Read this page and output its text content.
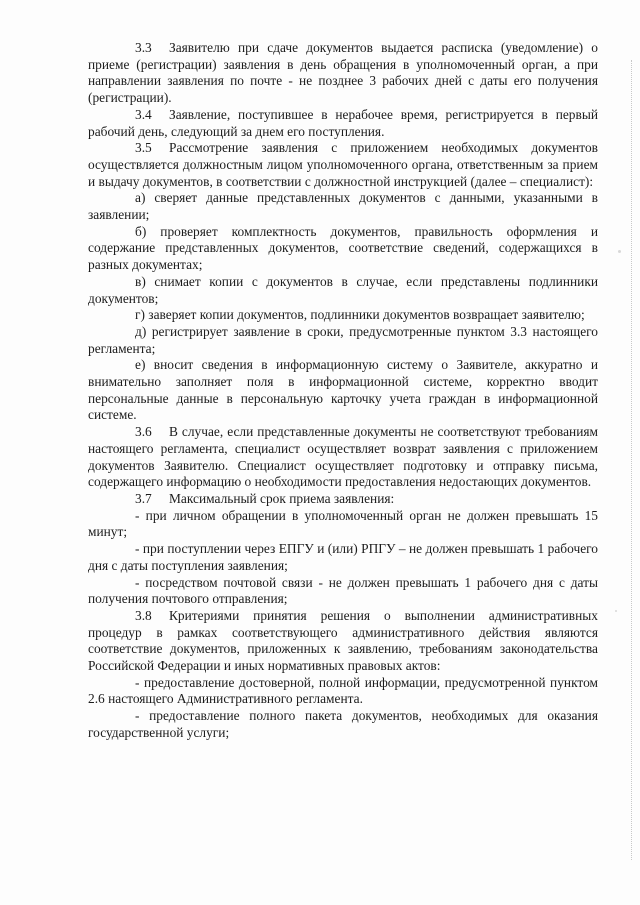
3.3 Заявителю при сдаче документов выдается расписка (уведомление) о приеме (регистрации) заявления в день обращения в уполномоченный орган, а при направлении заявления по почте - не позднее 3 рабочих дней с даты его получения (регистрации).

3.4 Заявление, поступившее в нерабочее время, регистрируется в первый рабочий день, следующий за днем его поступления.

3.5 Рассмотрение заявления с приложением необходимых документов осуществляется должностным лицом уполномоченного органа, ответственным за прием и выдачу документов, в соответствии с должностной инструкцией (далее – специалист):

а) сверяет данные представленных документов с данными, указанными в заявлении;

б) проверяет комплектность документов, правильность оформления и содержание представленных документов, соответствие сведений, содержащихся в разных документах;

в) снимает копии с документов в случае, если представлены подлинники документов;

г) заверяет копии документов, подлинники документов возвращает заявителю;

д) регистрирует заявление в сроки, предусмотренные пунктом 3.3 настоящего регламента;

е) вносит сведения в информационную систему о Заявителе, аккуратно и внимательно заполняет поля в информационной системе, корректно вводит персональные данные в персональную карточку учета граждан в информационной системе.

3.6 В случае, если представленные документы не соответствуют требованиям настоящего регламента, специалист осуществляет возврат заявления с приложением документов Заявителю. Специалист осуществляет подготовку и отправку письма, содержащего информацию о необходимости предоставления недостающих документов.

3.7 Максимальный срок приема заявления:

- при личном обращении в уполномоченный орган не должен превышать 15 минут;

- при поступлении через ЕПГУ и (или) РПГУ – не должен превышать 1 рабочего дня с даты поступления заявления;

- посредством почтовой связи - не должен превышать 1 рабочего дня с даты получения почтового отправления;

3.8 Критериями принятия решения о выполнении административных процедур в рамках соответствующего административного действия являются соответствие документов, приложенных к заявлению, требованиям законодательства Российской Федерации и иных нормативных правовых актов:

- предоставление достоверной, полной информации, предусмотренной пунктом 2.6 настоящего Административного регламента.

- предоставление полного пакета документов, необходимых для оказания государственной услуги;
